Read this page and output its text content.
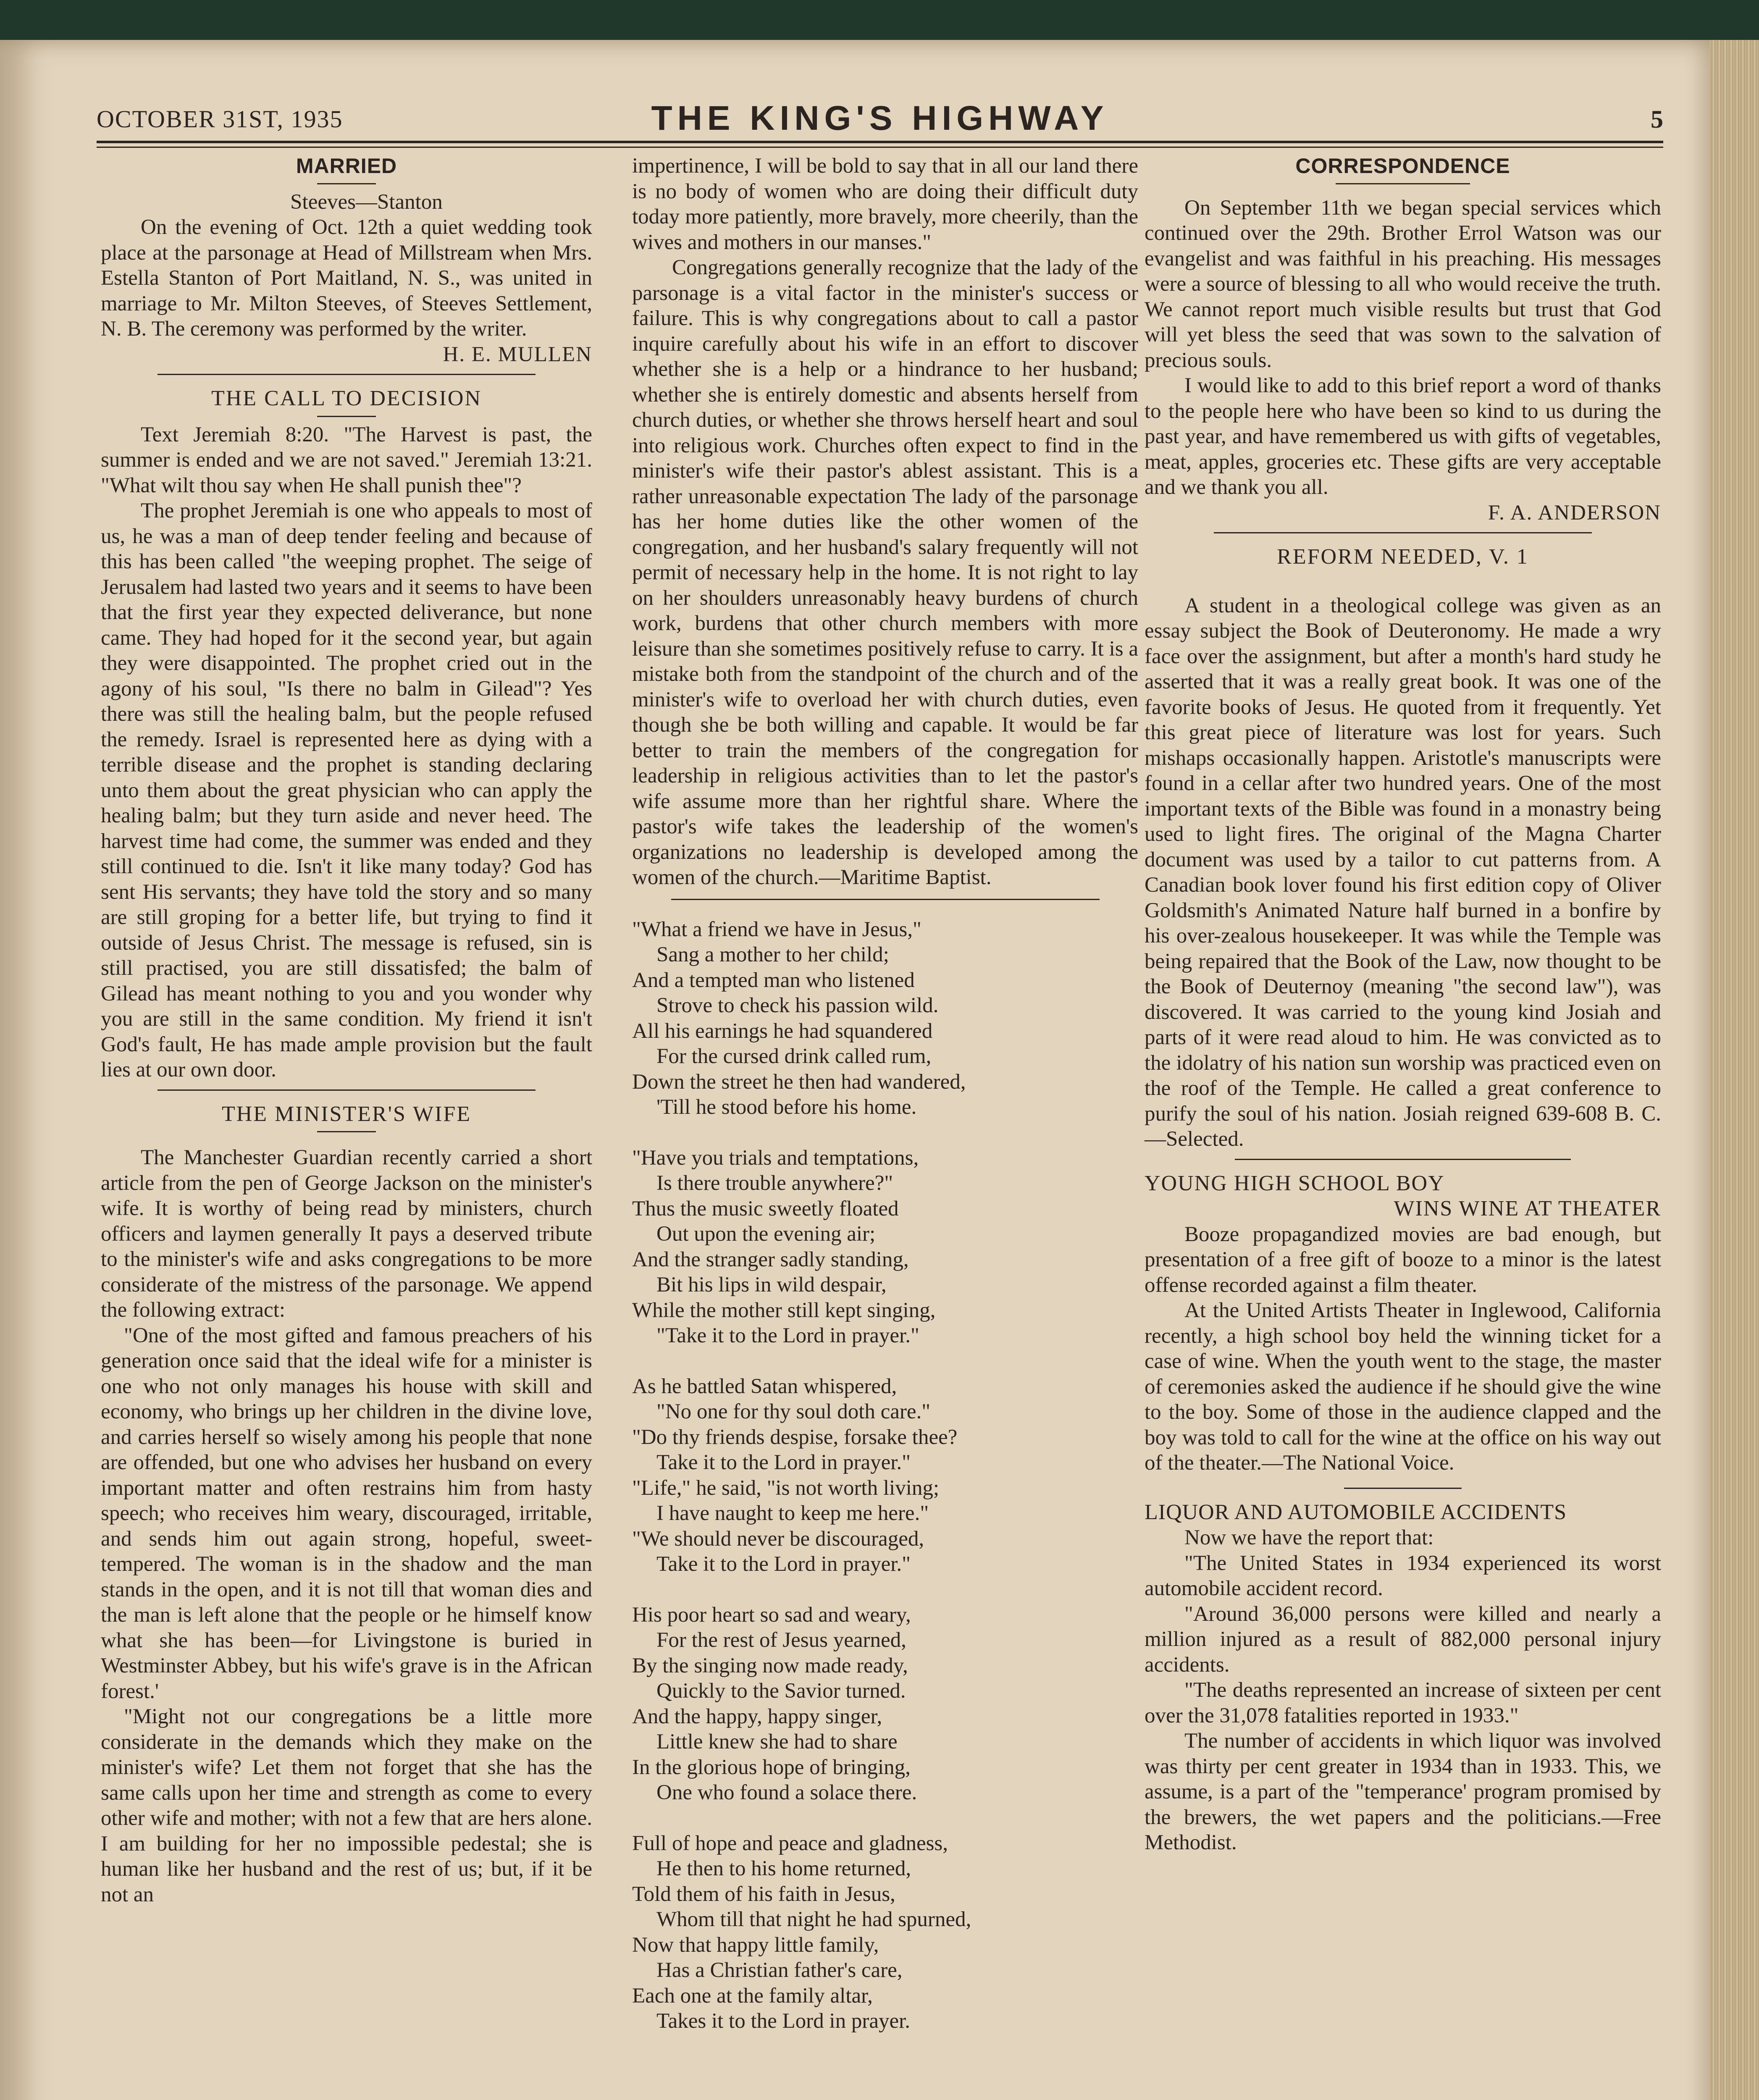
OCTOBER 31ST, 1935	THE KING'S HIGHWAY	5
MARRIED

Steeves—Stanton

On the evening of Oct. 12th a quiet wedding took place at the parsonage at Head of Millstream when Mrs. Estella Stanton of Port Maitland, N. S., was united in marriage to Mr. Milton Steeves, of Steeves Settlement, N. B. The ceremony was performed by the writer.

H. E. MULLEN

THE CALL TO DECISION

Text Jeremiah 8:20. "The Harvest is past, the summer is ended and we are not saved." Jeremiah 13:21. "What wilt thou say when He shall punish thee"?

The prophet Jeremiah is one who appeals to most of us, he was a man of deep tender feeling and because of this has been called "the weeping prophet. The seige of Jerusalem had lasted two years and it seems to have been that the first year they expected deliverance, but none came. They had hoped for it the second year, but again they were disappointed. The prophet cried out in the agony of his soul, "Is there no balm in Gilead"? Yes there was still the healing balm, but the people refused the remedy. Israel is represented here as dying with a terrible disease and the prophet is standing declaring unto them about the great physician who can apply the healing balm; but they turn aside and never heed. The harvest time had come, the summer was ended and they still continued to die. Isn't it like many today? God has sent His servants; they have told the story and so many are still groping for a better life, but trying to find it outside of Jesus Christ. The message is refused, sin is still practised, you are still dissatisfed; the balm of Gilead has meant nothing to you and you wonder why you are still in the same condition. My friend it isn't God's fault, He has made ample provision but the fault lies at our own door.

THE MINISTER'S WIFE

The Manchester Guardian recently carried a short article from the pen of George Jackson on the minister's wife. It is worthy of being read by ministers, church officers and laymen generally It pays a deserved tribute to the minister's wife and asks congregations to be more considerate of the mistress of the parsonage. We append the following extract:

"One of the most gifted and famous preachers of his generation once said that the ideal wife for a minister is one who not only manages his house with skill and economy, who brings up her children in the divine love, and carries herself so wisely among his people that none are offended, but one who advises her husband on every important matter and often restrains him from hasty speech; who receives him weary, discouraged, irritable, and sends him out again strong, hopeful, sweet-tempered. The woman is in the shadow and the man stands in the open, and it is not till that woman dies and the man is left alone that the people or he himself know what she has been—for Livingstone is buried in Westminster Abbey, but his wife's grave is in the African forest.'

"Might not our congregations be a little more considerate in the demands which they make on the minister's wife? Let them not forget that she has the same calls upon her time and strength as come to every other wife and mother; with not a few that are hers alone. I am building for her no impossible pedestal; she is human like her husband and the rest of us; but, if it be not an

impertinence, I will be bold to say that in all our land there is no body of women who are doing their difficult duty today more patiently, more bravely, more cheerily, than the wives and mothers in our manses."

Congregations generally recognize that the lady of the parsonage is a vital factor in the minister's success or failure. This is why congregations about to call a pastor inquire carefully about his wife in an effort to discover whether she is a help or a hindrance to her husband; whether she is entirely domestic and absents herself from church duties, or whether she throws herself heart and soul into religious work. Churches often expect to find in the minister's wife their pastor's ablest assistant. This is a rather unreasonable expectation The lady of the parsonage has her home duties like the other women of the congregation, and her husband's salary frequently will not permit of necessary help in the home. It is not right to lay on her shoulders unreasonably heavy burdens of church work, burdens that other church members with more leisure than she sometimes positively refuse to carry. It is a mistake both from the standpoint of the church and of the minister's wife to overload her with church duties, even though she be both willing and capable. It would be far better to train the members of the congregation for leadership in religious activities than to let the pastor's wife assume more than her rightful share. Where the pastor's wife takes the leadership of the women's organizations no leadership is developed among the women of the church.—Maritime Baptist.

"What a friend we have in Jesus,"
Sang a mother to her child;
And a tempted man who listened
Strove to check his passion wild.
All his earnings he had squandered
For the cursed drink called rum,
Down the street he then had wandered,
'Till he stood before his home.
"Have you trials and temptations,
Is there trouble anywhere?"
Thus the music sweetly floated
Out upon the evening air;
And the stranger sadly standing,
Bit his lips in wild despair,
While the mother still kept singing,
"Take it to the Lord in prayer."
As he battled Satan whispered,
"No one for thy soul doth care."
"Do thy friends despise, forsake thee?
Take it to the Lord in prayer."
"Life," he said, "is not worth living;
I have naught to keep me here."
"We should never be discouraged,
Take it to the Lord in prayer."
His poor heart so sad and weary,
For the rest of Jesus yearned,
By the singing now made ready,
Quickly to the Savior turned.
And the happy, happy singer,
Little knew she had to share
In the glorious hope of bringing,
One who found a solace there.
Full of hope and peace and gladness,
He then to his home returned,
Told them of his faith in Jesus,
Whom till that night he had spurned,
Now that happy little family,
Has a Christian father's care,
Each one at the family altar,
Takes it to the Lord in prayer.
CORRESPONDENCE

On September 11th we began special services which continued over the 29th. Brother Errol Watson was our evangelist and was faithful in his preaching. His messages were a source of blessing to all who would receive the truth. We cannot report much visible results but trust that God will yet bless the seed that was sown to the salvation of precious souls.

I would like to add to this brief report a word of thanks to the people here who have been so kind to us during the past year, and have remembered us with gifts of vegetables, meat, apples, groceries etc. These gifts are very acceptable and we thank you all.

F. A. ANDERSON

REFORM NEEDED, V. 1

A student in a theological college was given as an essay subject the Book of Deuteronomy. He made a wry face over the assignment, but after a month's hard study he asserted that it was a really great book. It was one of the favorite books of Jesus. He quoted from it frequently. Yet this great piece of literature was lost for years. Such mishaps occasionally happen. Aristotle's manuscripts were found in a cellar after two hundred years. One of the most important texts of the Bible was found in a monastry being used to light fires. The original of the Magna Charter document was used by a tailor to cut patterns from. A Canadian book lover found his first edition copy of Oliver Goldsmith's Animated Nature half burned in a bonfire by his over-zealous housekeeper. It was while the Temple was being repaired that the Book of the Law, now thought to be the Book of Deuternoy (meaning "the second law"), was discovered. It was carried to the young kind Josiah and parts of it were read aloud to him. He was convicted as to the idolatry of his nation sun worship was practiced even on the roof of the Temple. He called a great conference to purify the soul of his nation. Josiah reigned 639-608 B. C.—Selected.

YOUNG HIGH SCHOOL BOY
WINS WINE AT THEATER

Booze propagandized movies are bad enough, but presentation of a free gift of booze to a minor is the latest offense recorded against a film theater.

At the United Artists Theater in Inglewood, California recently, a high school boy held the winning ticket for a case of wine. When the youth went to the stage, the master of ceremonies asked the audience if he should give the wine to the boy. Some of those in the audience clapped and the boy was told to call for the wine at the office on his way out of the theater.—The National Voice.

LIQUOR AND AUTOMOBILE ACCIDENTS

Now we have the report that:

"The United States in 1934 experienced its worst automobile accident record.

"Around 36,000 persons were killed and nearly a million injured as a result of 882,000 personal injury accidents.

"The deaths represented an increase of sixteen per cent over the 31,078 fatalities reported in 1933."

The number of accidents in which liquor was involved was thirty per cent greater in 1934 than in 1933. This, we assume, is a part of the "temperance' program promised by the brewers, the wet papers and the politicians.—Free Methodist.
